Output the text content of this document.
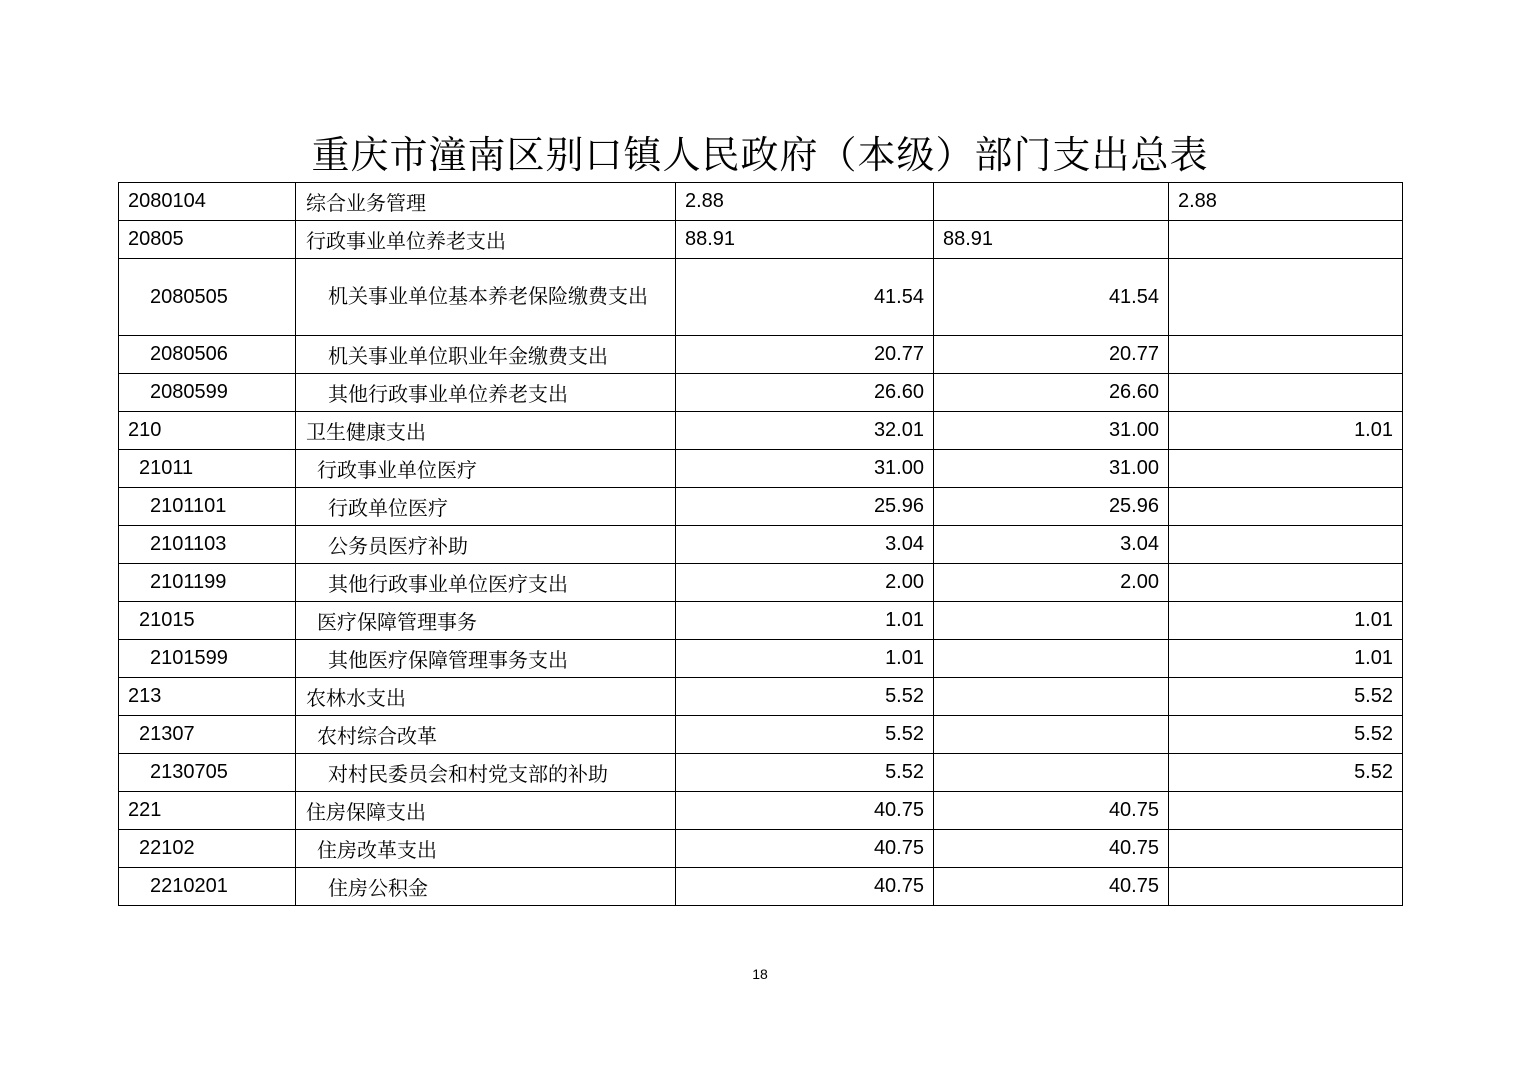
重庆市潼南区别口镇人民政府（本级）部门支出总表
2080104	综合业务管理	2.88		2.88
20805	行政事业单位养老支出	88.91	88.91	
2080505	机关事业单位基本养老保险缴费支出	41.54	41.54	
2080506	机关事业单位职业年金缴费支出	20.77	20.77	
2080599	其他行政事业单位养老支出	26.60	26.60	
210	卫生健康支出	32.01	31.00	1.01
21011	行政事业单位医疗	31.00	31.00	
2101101	行政单位医疗	25.96	25.96	
2101103	公务员医疗补助	3.04	3.04	
2101199	其他行政事业单位医疗支出	2.00	2.00	
21015	医疗保障管理事务	1.01		1.01
2101599	其他医疗保障管理事务支出	1.01		1.01
213	农林水支出	5.52		5.52
21307	农村综合改革	5.52		5.52
2130705	对村民委员会和村党支部的补助	5.52		5.52
221	住房保障支出	40.75	40.75	
22102	住房改革支出	40.75	40.75	
2210201	住房公积金	40.75	40.75	
18
